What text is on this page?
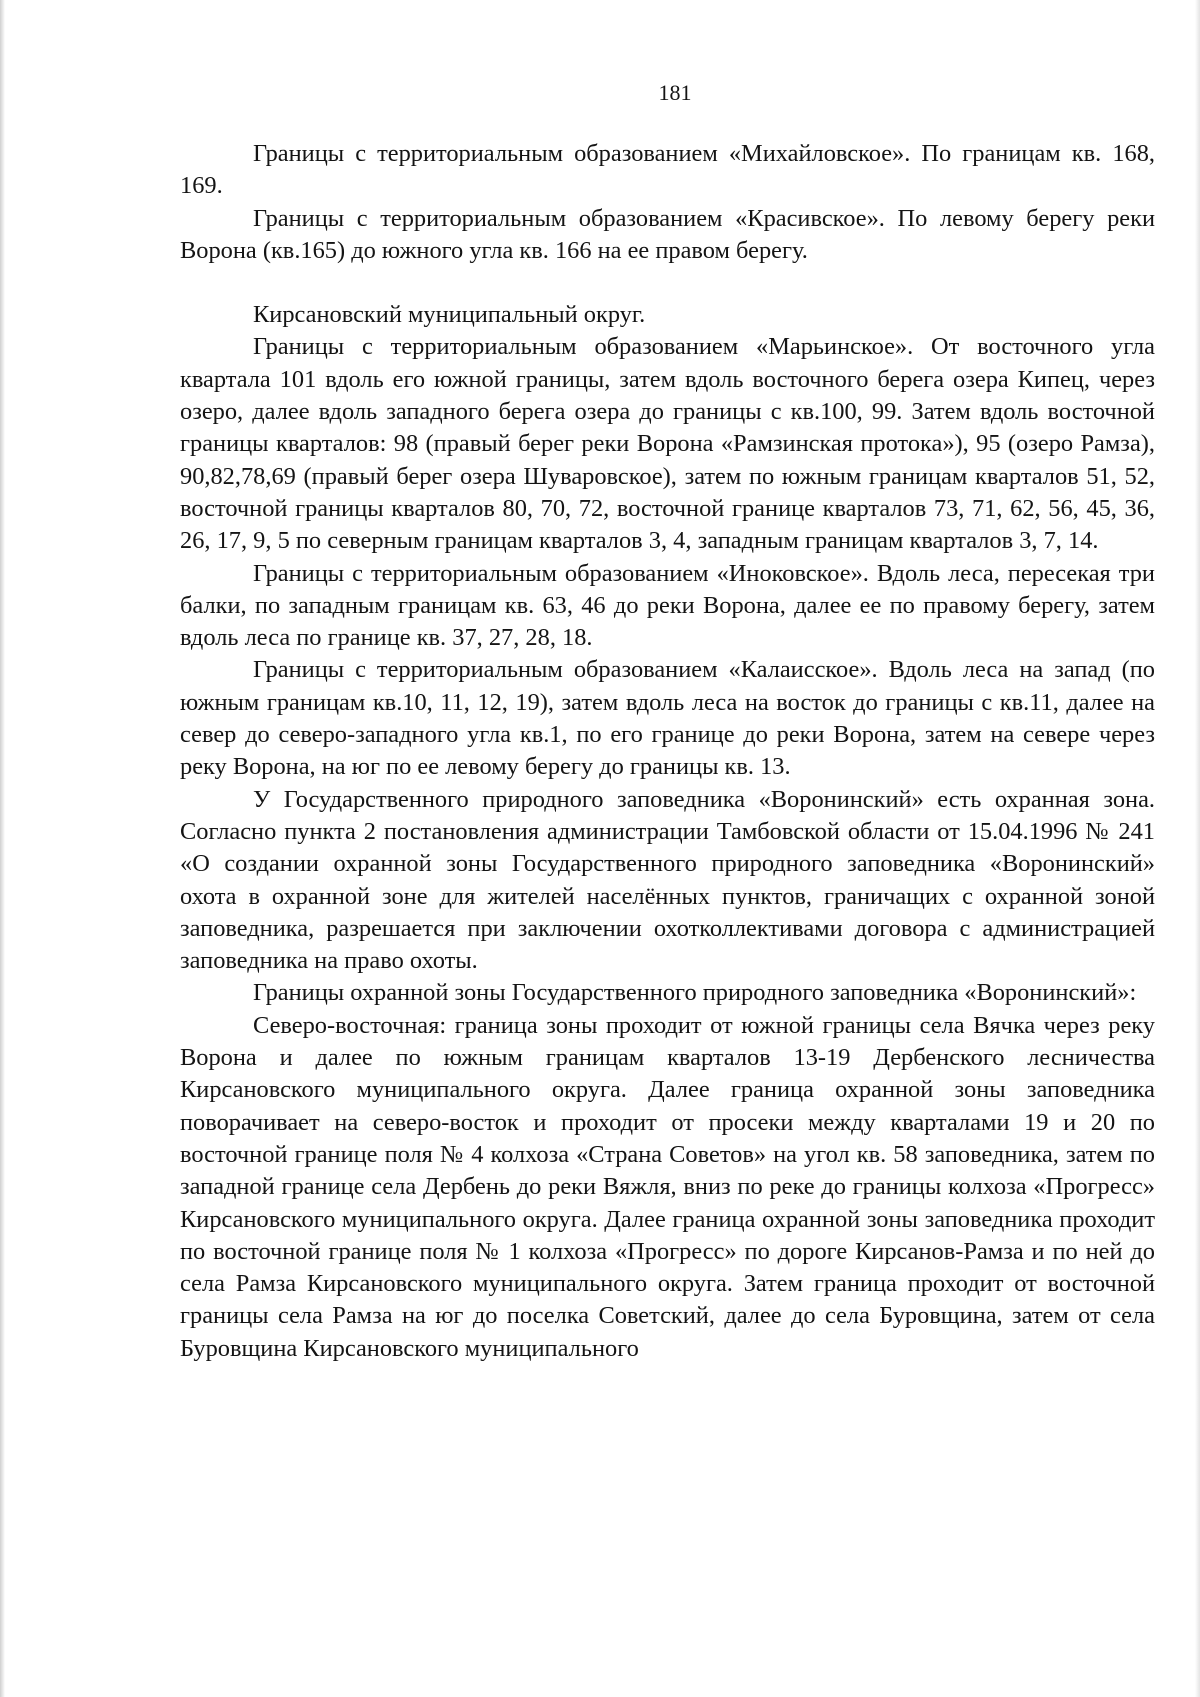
181

Границы с территориальным образованием «Михайловское». По границам кв. 168, 169.

Границы с территориальным образованием «Красивское». По левому берегу реки Ворона (кв.165) до южного угла кв. 166 на ее правом берегу.

Кирсановский муниципальный округ.

Границы с территориальным образованием «Марьинское». От восточного угла квартала 101 вдоль его южной границы, затем вдоль восточного берега озера Кипец, через озеро, далее вдоль западного берега озера до границы с кв.100, 99. Затем вдоль восточной границы кварталов: 98 (правый берег реки Ворона «Рамзинская протока»), 95 (озеро Рамза), 90,82,78,69 (правый берег озера Шуваровское), затем по южным границам кварталов 51, 52, восточной границы кварталов 80, 70, 72, восточной границе кварталов 73, 71, 62, 56, 45, 36, 26, 17, 9, 5 по северным границам кварталов 3, 4, западным границам кварталов 3, 7, 14.

Границы с территориальным образованием «Иноковское». Вдоль леса, пересекая три балки, по западным границам кв. 63, 46 до реки Ворона, далее ее по правому берегу, затем вдоль леса по границе кв. 37, 27, 28, 18.

Границы с территориальным образованием «Калаисское». Вдоль леса на запад (по южным границам кв.10, 11, 12, 19), затем вдоль леса на восток до границы с кв.11, далее на север до северо-западного угла кв.1, по его границе до реки Ворона, затем на севере через реку Ворона, на юг по ее левому берегу до границы кв. 13.

У Государственного природного заповедника «Воронинский» есть охранная зона. Согласно пункта 2 постановления администрации Тамбовской области от 15.04.1996 № 241 «О создании охранной зоны Государственного природного заповедника «Воронинский» охота в охранной зоне для жителей населённых пунктов, граничащих с охранной зоной заповедника, разрешается при заключении охотколлективами договора с администрацией заповедника на право охоты.

Границы охранной зоны Государственного природного заповедника «Воронинский»:

Северо-восточная: граница зоны проходит от южной границы села Вячка через реку Ворона и далее по южным границам кварталов 13-19 Дербенского лесничества Кирсановского муниципального округа. Далее граница охранной зоны заповедника поворачивает на северо-восток и проходит от просеки между кварталами 19 и 20 по восточной границе поля № 4 колхоза «Страна Советов» на угол кв. 58 заповедника, затем по западной границе села Дербень до реки Вяжля, вниз по реке до границы колхоза «Прогресс» Кирсановского муниципального округа. Далее граница охранной зоны заповедника проходит по восточной границе поля № 1 колхоза «Прогресс» по дороге Кирсанов-Рамза и по ней до села Рамза Кирсановского муниципального округа. Затем граница проходит от восточной границы села Рамза на юг до поселка Советский, далее до села Буровщина, затем от села Буровщина Кирсановского муниципального
